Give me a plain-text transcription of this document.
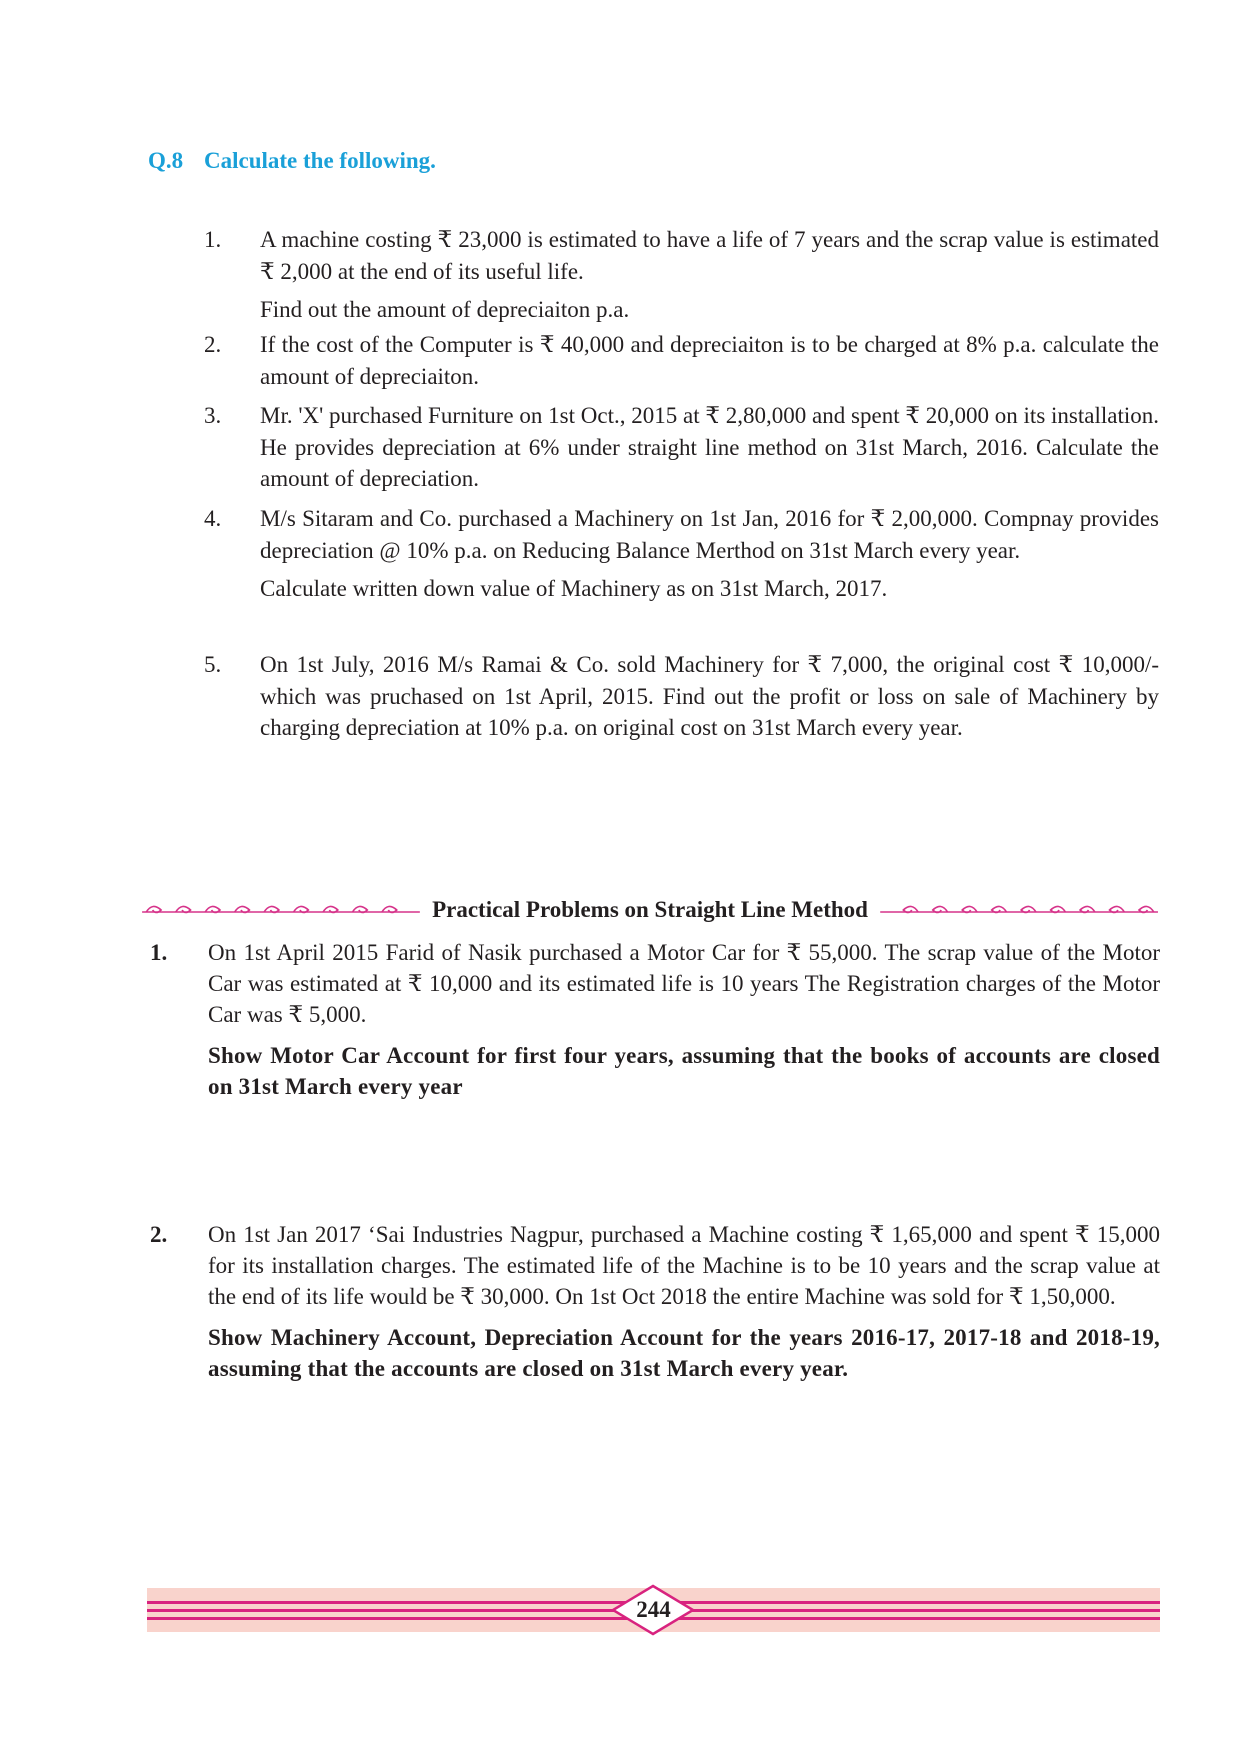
Q.8 Calculate the following.
1.	A machine costing ₹ 23,000 is estimated to have a life of 7 years and the scrap value is estimated ₹ 2,000 at the end of its useful life.
Find out the amount of depreciaiton p.a.
2.	If the cost of the Computer is ₹ 40,000 and depreciaiton is to be charged at 8% p.a. calculate the amount of depreciaiton.
3.	Mr. 'X' purchased Furniture on 1st Oct., 2015 at ₹ 2,80,000 and spent ₹ 20,000 on its installation. He provides depreciation at 6% under straight line method on 31st March, 2016. Calculate the amount of depreciation.
4.	M/s Sitaram and Co. purchased a Machinery on 1st Jan, 2016 for ₹ 2,00,000. Compnay provides depreciation @ 10% p.a. on Reducing Balance Merthod on 31st March every year.
Calculate written down value of Machinery as on 31st March, 2017.
5.	On 1st July, 2016 M/s Ramai & Co. sold Machinery for ₹ 7,000, the original cost ₹ 10,000/- which was pruchased on 1st April, 2015. Find out the profit or loss on sale of Machinery by charging depreciation at 10% p.a. on original cost on 31st March every year.
Practical Problems on Straight Line Method
1. On 1st April 2015 Farid of Nasik purchased a Motor Car for ₹ 55,000. The scrap value of the Motor Car was estimated at ₹ 10,000 and its estimated life is 10 years The Registration charges of the Motor Car was ₹ 5,000.
Show Motor Car Account for first four years, assuming that the books of accounts are closed on 31st March every year
2. On 1st Jan 2017 ‘Sai Industries Nagpur, purchased a Machine costing ₹ 1,65,000 and spent ₹ 15,000 for its installation charges. The estimated life of the Machine is to be 10 years and the scrap value at the end of its life would be ₹ 30,000. On 1st Oct 2018 the entire Machine was sold for ₹ 1,50,000.
Show Machinery Account, Depreciation Account for the years 2016-17, 2017-18 and 2018-19, assuming that the accounts are closed on 31st March every year.
244
